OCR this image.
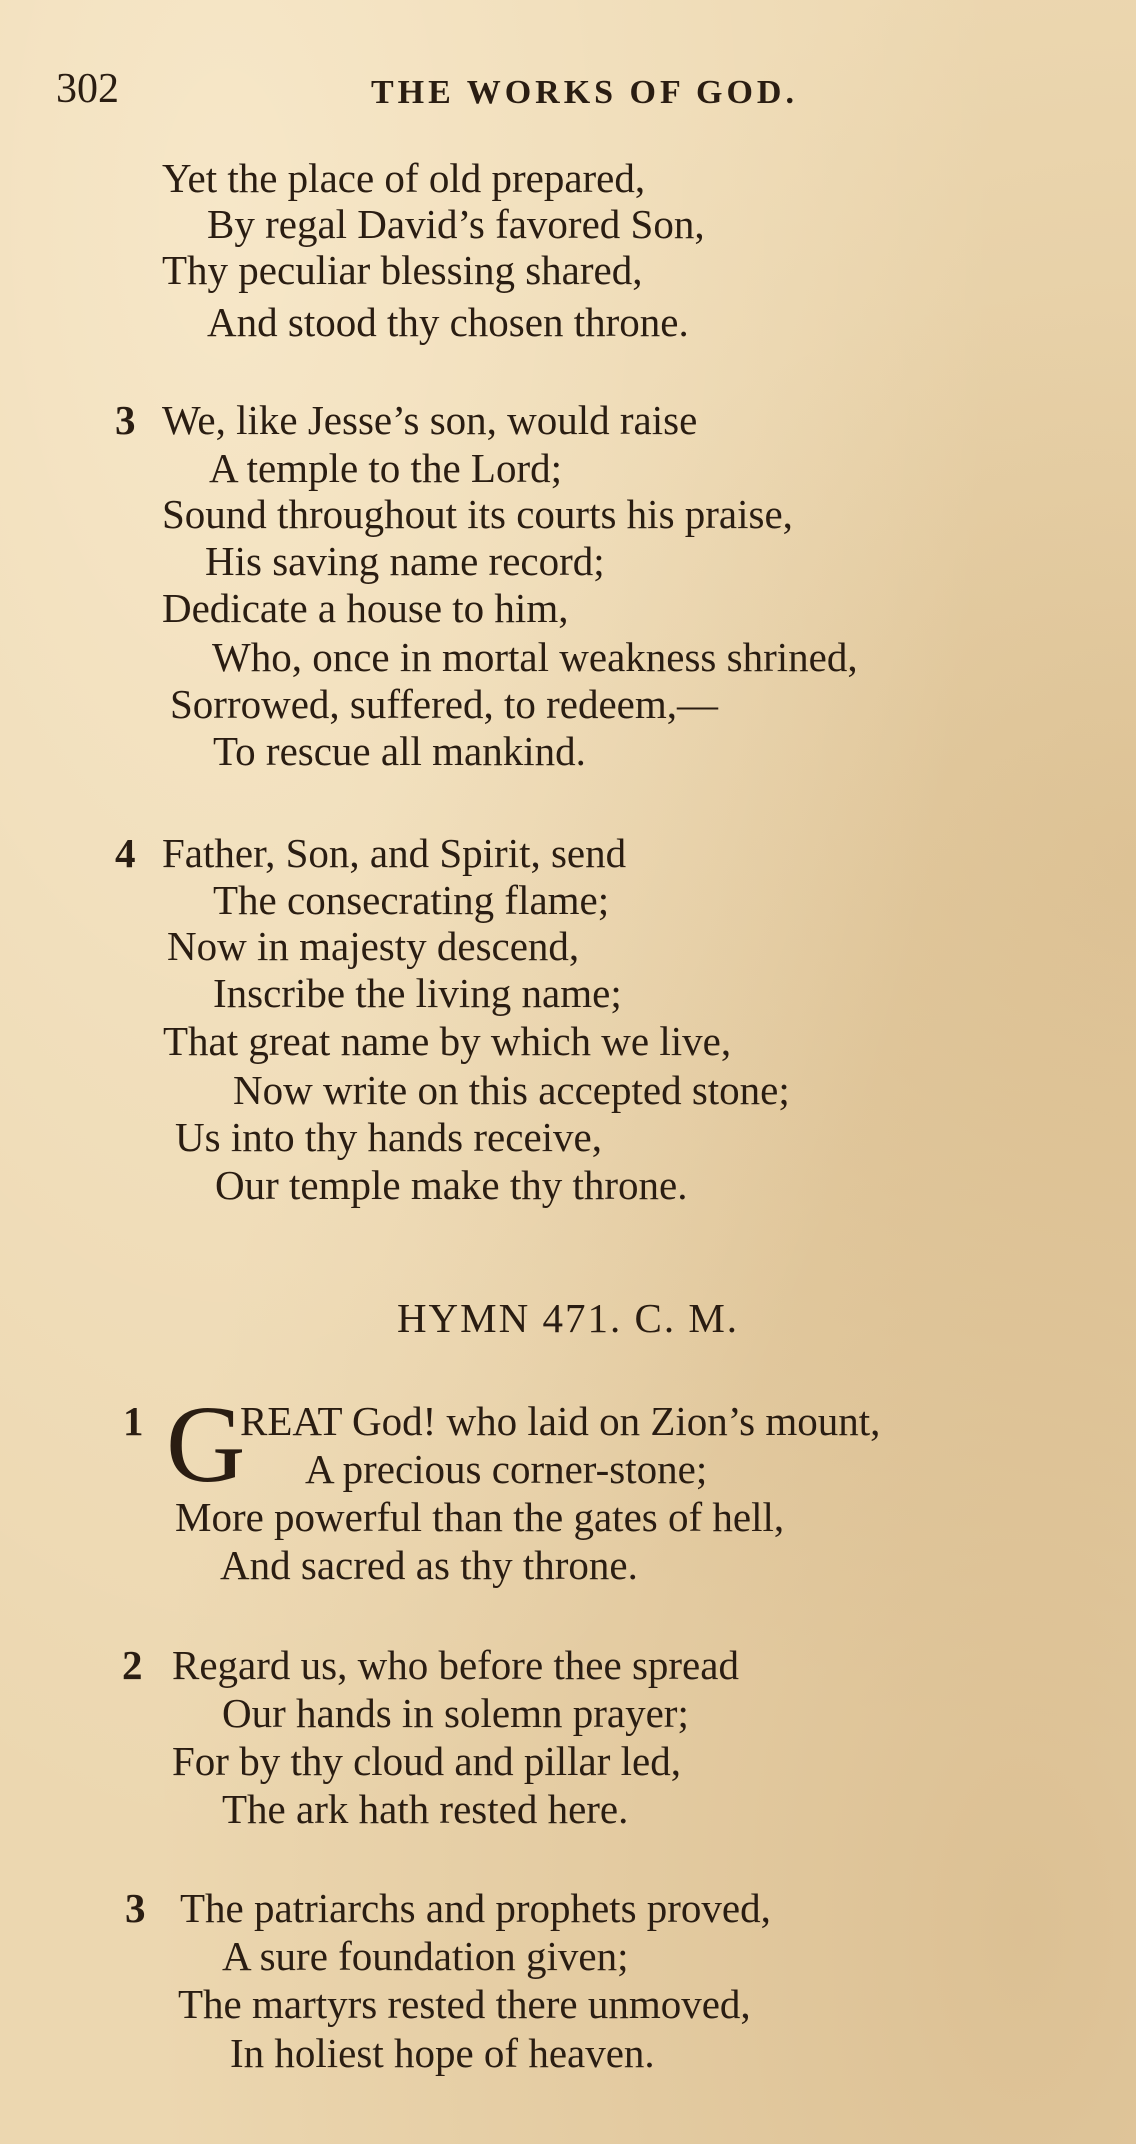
302	THE WORKS OF GOD.
Yet the place of old prepared,
By regal David’s favored Son,
Thy peculiar blessing shared,
And stood thy chosen throne.
3 We, like Jesse’s son, would raise
A temple to the Lord;
Sound throughout its courts his praise,
His saving name record;
Dedicate a house to him,
Who, once in mortal weakness shrined,
Sorrowed, suffered, to redeem,—
To rescue all mankind.
4 Father, Son, and Spirit, send
The consecrating flame;
Now in majesty descend,
Inscribe the living name;
That great name by which we live,
Now write on this accepted stone;
Us into thy hands receive,
Our temple make thy throne.
HYMN 471. C. M.
1 G
REAT God! who laid on Zion’s mount,
A precious corner-stone;
More powerful than the gates of hell,
And sacred as thy throne.
2 Regard us, who before thee spread
Our hands in solemn prayer;
For by thy cloud and pillar led,
The ark hath rested here.
3 The patriarchs and prophets proved,
A sure foundation given;
The martyrs rested there unmoved,
In holiest hope of heaven.
